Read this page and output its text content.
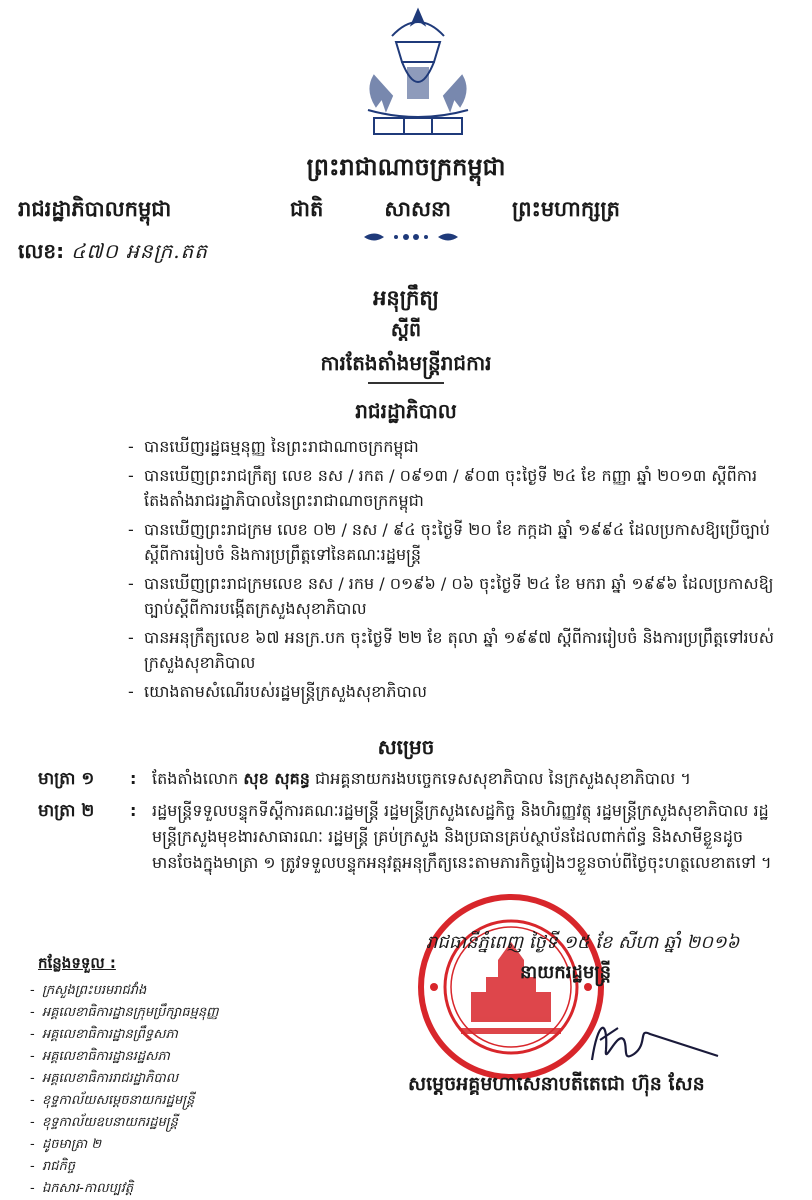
ព្រះរាជាណាចក្រកម្ពុជា
រាជរដ្ឋាភិបាលកម្ពុជា	ជាតិ	សាសនា	ព្រះមហាក្សត្រ
លេខ: ៤៧០ អនក្រ.តត
អនុក្រឹត្យ
ស្តីពី
ការតែងតាំងមន្ត្រីរាជការ
រាជរដ្ឋាភិបាល
- បានឃើញរដ្ឋធម្មនុញ្ញ នៃព្រះរាជាណាចក្រកម្ពុជា
- បានឃើញព្រះរាជក្រឹត្យ លេខ នស / រកត / ០៩១៣ / ៩០៣ ចុះថ្ងៃទី ២៤ ខែ កញ្ញា ឆ្នាំ ២០១៣ ស្តីពីការតែងតាំងរាជរដ្ឋាភិបាលនៃព្រះរាជាណាចក្រកម្ពុជា
- បានឃើញព្រះរាជក្រម លេខ ០២ / នស / ៩៤ ចុះថ្ងៃទី ២០ ខែ កក្កដា ឆ្នាំ ១៩៩៤ ដែលប្រកាសឱ្យប្រើច្បាប់ស្តីពីការរៀបចំ និងការប្រព្រឹត្តទៅនៃគណៈរដ្ឋមន្ត្រី
- បានឃើញព្រះរាជក្រមលេខ នស / រកម / ០១៩៦ / ០៦ ចុះថ្ងៃទី ២៤ ខែ មករា ឆ្នាំ ១៩៩៦ ដែលប្រកាសឱ្យច្បាប់ស្តីពីការបង្កើតក្រសួងសុខាភិបាល
- បានអនុក្រឹត្យលេខ ៦៧ អនក្រ.បក ចុះថ្ងៃទី ២២ ខែ តុលា ឆ្នាំ ១៩៩៧ ស្តីពីការរៀបចំ និងការប្រព្រឹត្តទៅរបស់ក្រសួងសុខាភិបាល
- យោងតាមសំណើរបស់រដ្ឋមន្ត្រីក្រសួងសុខាភិបាល
សម្រេច
មាត្រា ១	: តែងតាំងលោក សុខ សុគន្ធ ជាអគ្គនាយករងបច្ចេកទេសសុខាភិបាល នៃក្រសួងសុខាភិបាល ។
មាត្រា ២	: រដ្ឋមន្ត្រីទទួលបន្ទុកទីស្តីការគណៈរដ្ឋមន្ត្រី រដ្ឋមន្ត្រីក្រសួងសេដ្ឋកិច្ច និងហិរញ្ញវត្ថុ រដ្ឋមន្ត្រីក្រសួងសុខាភិបាល រដ្ឋមន្ត្រីក្រសួងមុខងារសាធារណៈ រដ្ឋមន្ត្រី គ្រប់ក្រសួង និងប្រធានគ្រប់ស្ថាប័នដែលពាក់ព័ន្ធ និងសាមីខ្លួនដូចមានចែងក្នុងមាត្រា ១ ត្រូវទទួលបន្ទុកអនុវត្តអនុក្រឹត្យនេះតាមភារកិច្ចរៀងៗខ្លួនចាប់ពីថ្ងៃចុះហត្ថលេខាតទៅ ។
រាជធានីភ្នំពេញ ថ្ងៃទី ១៥ ខែ សីហា ឆ្នាំ ២០១៦
នាយករដ្ឋមន្ត្រី
សម្តេចអគ្គមហាសេនាបតីតេជោ ហ៊ុន សែន
កន្លែងទទួល :
- ក្រសួងព្រះបរមរាជវាំង
- អគ្គលេខាធិការដ្ឋានក្រុមប្រឹក្សាធម្មនុញ្ញ
- អគ្គលេខាធិការដ្ឋានព្រឹទ្ធសភា
- អគ្គលេខាធិការដ្ឋានរដ្ឋសភា
- អគ្គលេខាធិការរាជរដ្ឋាភិបាល
- ខុទ្ទកាល័យសម្តេចនាយករដ្ឋមន្ត្រី
- ខុទ្ទកាល័យឧបនាយករដ្ឋមន្ត្រី
- ដូចមាត្រា ២
- រាជកិច្ច
- ឯកសារ-កាលប្បវត្តិ
